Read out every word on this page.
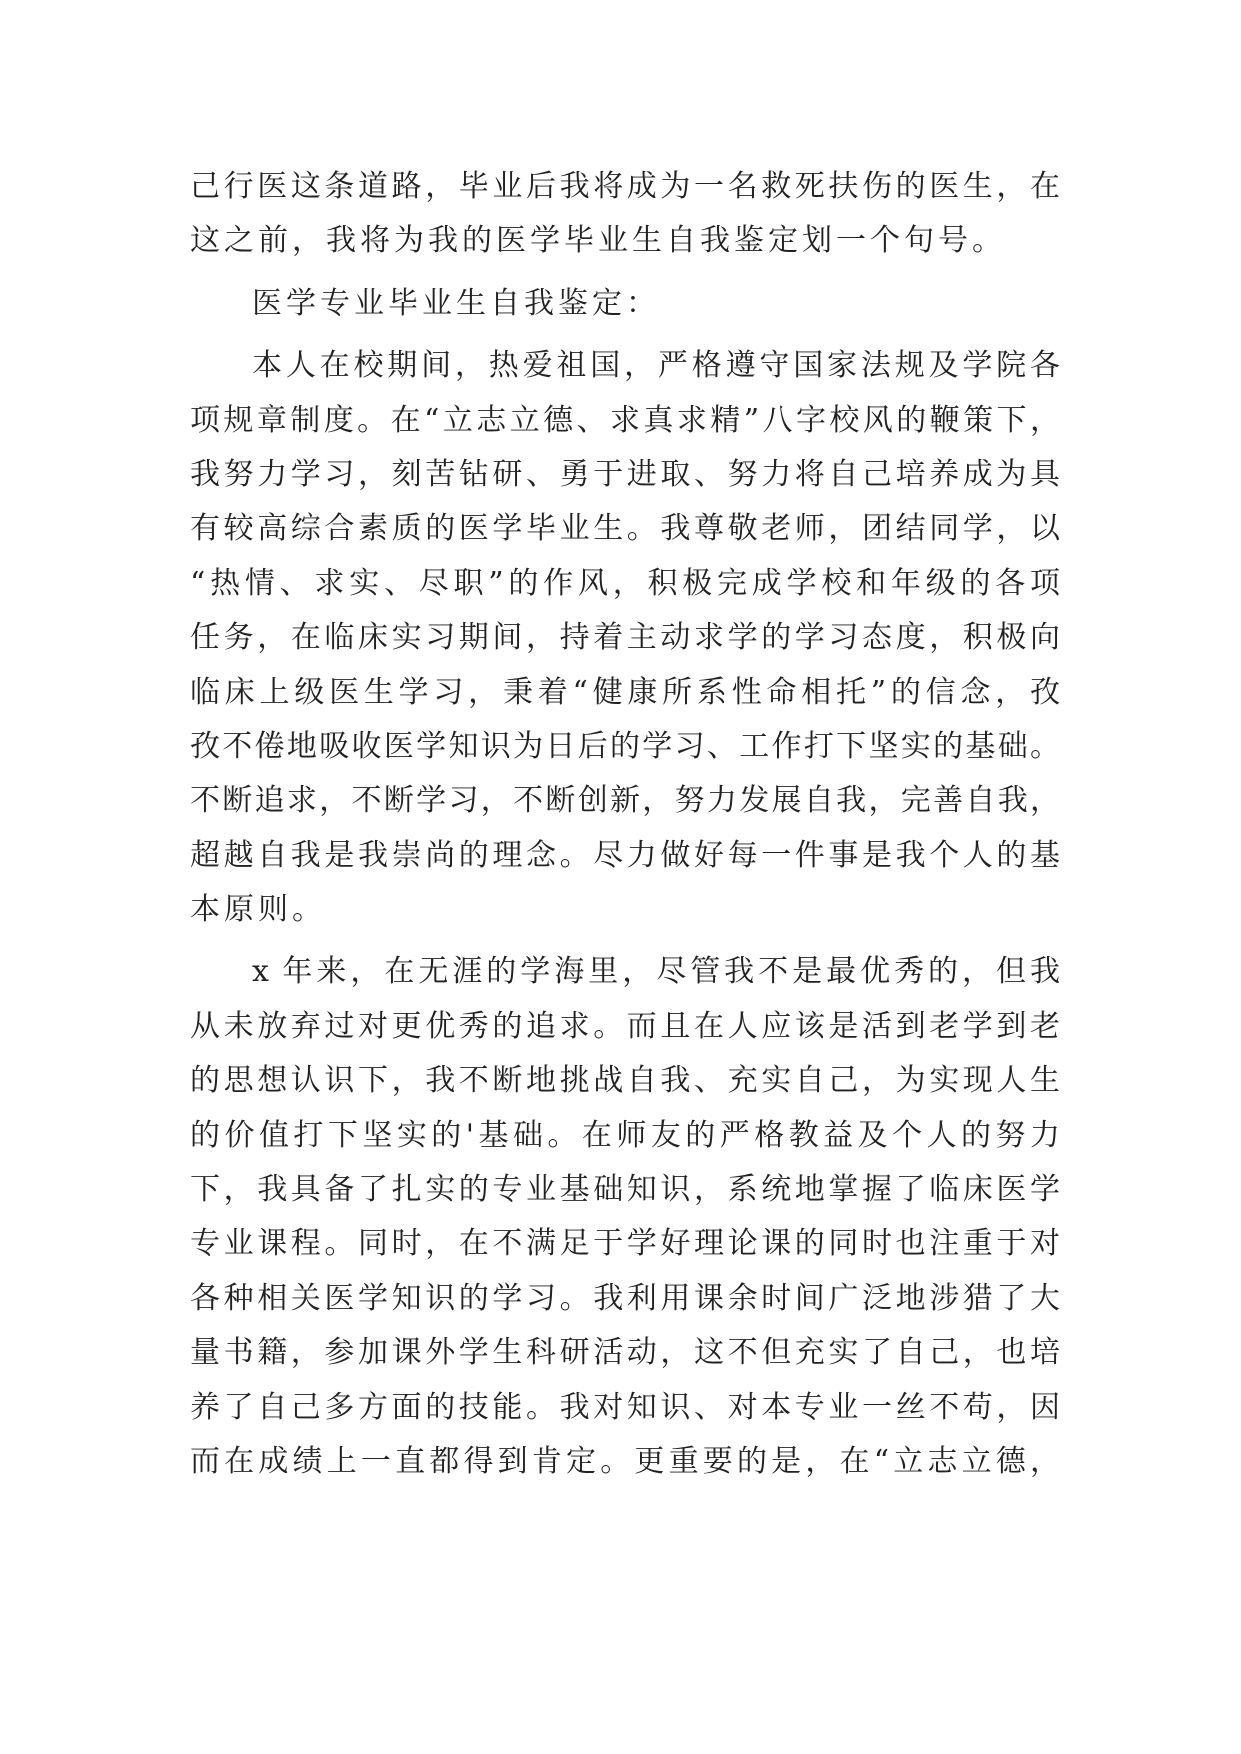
己行医这条道路，毕业后我将成为一名救死扶伤的医生，在
这之前，我将为我的医学毕业生自我鉴定划一个句号。
医学专业毕业生自我鉴定：
本人在校期间，热爱祖国，严格遵守国家法规及学院各
项规章制度。在“立志立德、求真求精”八字校风的鞭策下，
我努力学习，刻苦钻研、勇于进取、努力将自己培养成为具
有较高综合素质的医学毕业生。我尊敬老师，团结同学，以
“热情、求实、尽职”的作风，积极完成学校和年级的各项
任务，在临床实习期间，持着主动求学的学习态度，积极向
临床上级医生学习，秉着“健康所系性命相托”的信念，孜
孜不倦地吸收医学知识为日后的学习、工作打下坚实的基础。
不断追求，不断学习，不断创新，努力发展自我，完善自我，
超越自我是我崇尚的理念。尽力做好每一件事是我个人的基
本原则。
x 年来，在无涯的学海里，尽管我不是最优秀的，但我
从未放弃过对更优秀的追求。而且在人应该是活到老学到老
的思想认识下，我不断地挑战自我、充实自己，为实现人生
的价值打下坚实的'基础。在师友的严格教益及个人的努力
下，我具备了扎实的专业基础知识，系统地掌握了临床医学
专业课程。同时，在不满足于学好理论课的同时也注重于对
各种相关医学知识的学习。我利用课余时间广泛地涉猎了大
量书籍，参加课外学生科研活动，这不但充实了自己，也培
养了自己多方面的技能。我对知识、对本专业一丝不苟，因
而在成绩上一直都得到肯定。更重要的是，在“立志立德，
